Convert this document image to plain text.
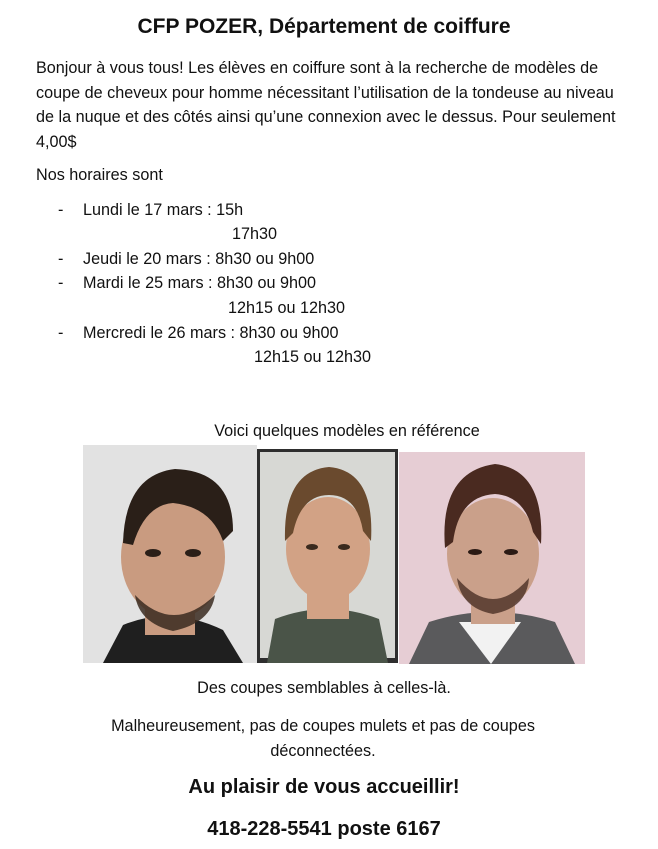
CFP POZER, Département de coiffure

Bonjour à vous tous! Les élèves en coiffure sont à la recherche de modèles de coupe de cheveux pour homme nécessitant l’utilisation de la tondeuse au niveau de la nuque et des côtés ainsi qu’une connexion avec le dessus. Pour seulement 4,00$

Nos horaires sont

- Lundi le 17 mars : 15h
17h30
- Jeudi le 20 mars : 8h30 ou 9h00
- Mardi le 25 mars : 8h30 ou 9h00
12h15 ou 12h30
- Mercredi le 26 mars : 8h30 ou 9h00
12h15 ou 12h30

Voici quelques modèles en référence

Des coupes semblables à celles-là.

Malheureusement, pas de coupes mulets et pas de coupes déconnectées.

Au plaisir de vous accueillir!

418-228-5541 poste 6167
